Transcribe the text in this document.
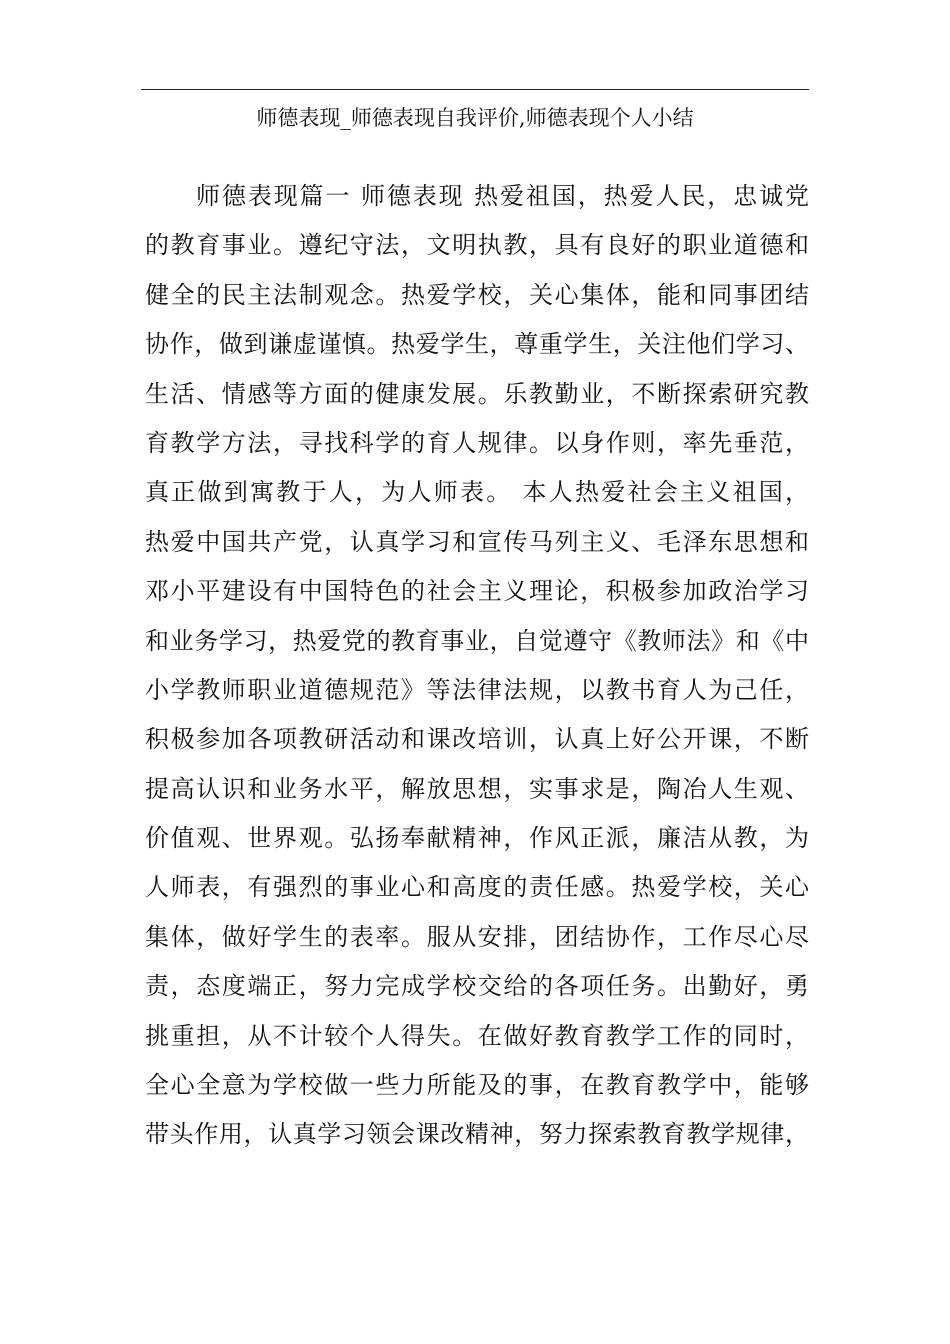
师德表现_师德表现自我评价,师德表现个人小结
师德表现篇一 师德表现 热爱祖国，热爱人民，忠诚党
的教育事业。遵纪守法，文明执教，具有良好的职业道德和
健全的民主法制观念。热爱学校，关心集体，能和同事团结
协作，做到谦虚谨慎。热爱学生，尊重学生，关注他们学习、
生活、情感等方面的健康发展。乐教勤业，不断探索研究教
育教学方法，寻找科学的育人规律。以身作则，率先垂范，
真正做到寓教于人，为人师表。 本人热爱社会主义祖国，
热爱中国共产党，认真学习和宣传马列主义、毛泽东思想和
邓小平建设有中国特色的社会主义理论，积极参加政治学习
和业务学习，热爱党的教育事业，自觉遵守《教师法》和《中
小学教师职业道德规范》等法律法规，以教书育人为己任，
积极参加各项教研活动和课改培训，认真上好公开课，不断
提高认识和业务水平，解放思想，实事求是，陶冶人生观、
价值观、世界观。弘扬奉献精神，作风正派，廉洁从教，为
人师表，有强烈的事业心和高度的责任感。热爱学校，关心
集体，做好学生的表率。服从安排，团结协作，工作尽心尽
责，态度端正，努力完成学校交给的各项任务。出勤好，勇
挑重担，从不计较个人得失。在做好教育教学工作的同时，
全心全意为学校做一些力所能及的事，在教育教学中，能够
带头作用，认真学习领会课改精神，努力探索教育教学规律，
